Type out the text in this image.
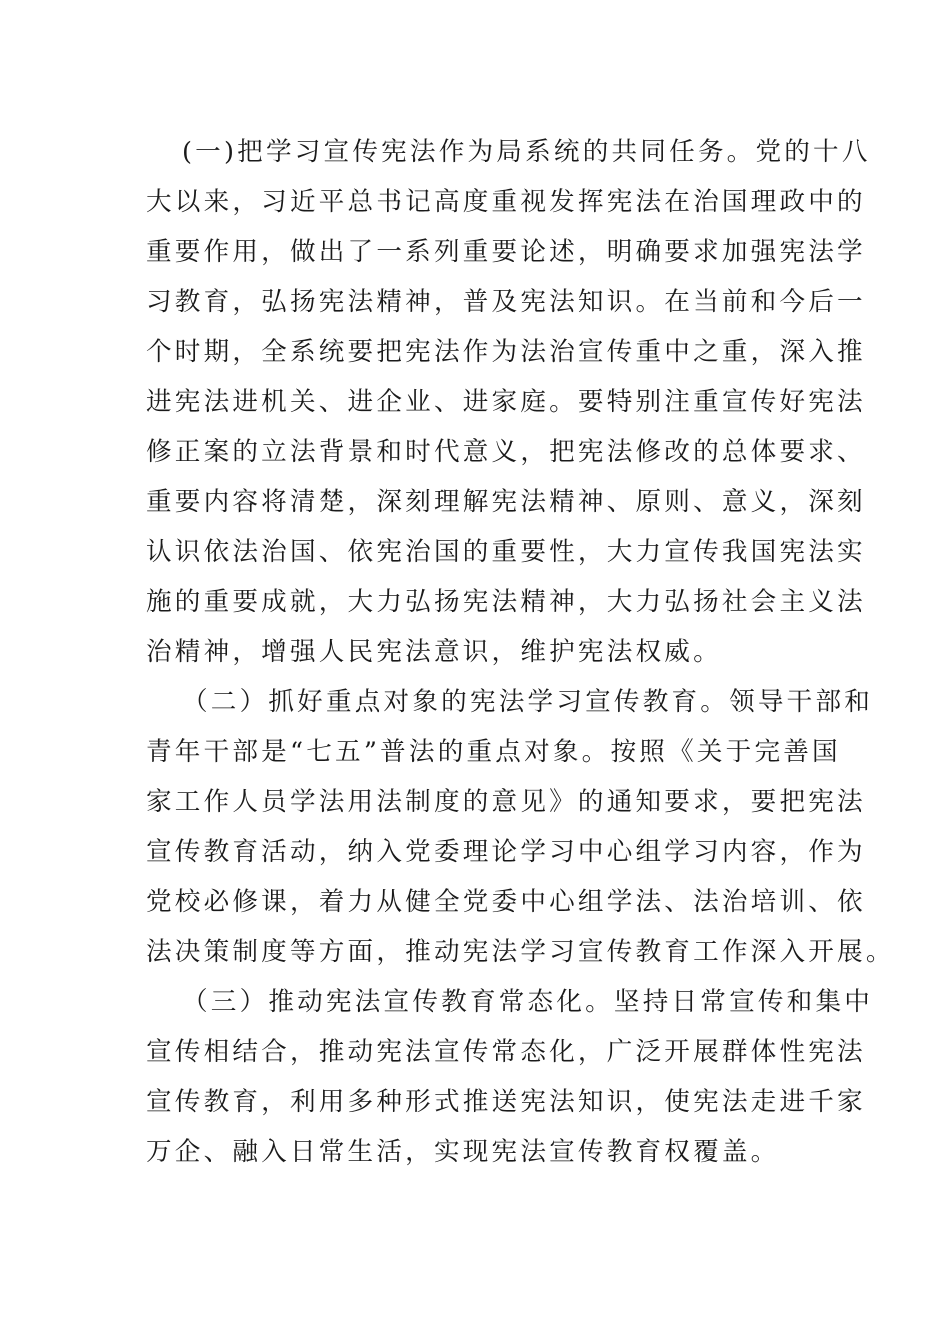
(一)把学习宣传宪法作为局系统的共同任务。党的十八
大以来，习近平总书记高度重视发挥宪法在治国理政中的
重要作用，做出了一系列重要论述，明确要求加强宪法学
习教育，弘扬宪法精神，普及宪法知识。在当前和今后一
个时期，全系统要把宪法作为法治宣传重中之重，深入推
进宪法进机关、进企业、进家庭。要特别注重宣传好宪法
修正案的立法背景和时代意义，把宪法修改的总体要求、
重要内容将清楚，深刻理解宪法精神、原则、意义，深刻
认识依法治国、依宪治国的重要性，大力宣传我国宪法实
施的重要成就，大力弘扬宪法精神，大力弘扬社会主义法
治精神，增强人民宪法意识，维护宪法权威。
（二）抓好重点对象的宪法学习宣传教育。领导干部和
青年干部是“七五”普法的重点对象。按照《关于完善国
家工作人员学法用法制度的意见》的通知要求，要把宪法
宣传教育活动，纳入党委理论学习中心组学习内容，作为
党校必修课，着力从健全党委中心组学法、法治培训、依
法决策制度等方面，推动宪法学习宣传教育工作深入开展。
（三）推动宪法宣传教育常态化。坚持日常宣传和集中
宣传相结合，推动宪法宣传常态化，广泛开展群体性宪法
宣传教育，利用多种形式推送宪法知识，使宪法走进千家
万企、融入日常生活，实现宪法宣传教育权覆盖。
